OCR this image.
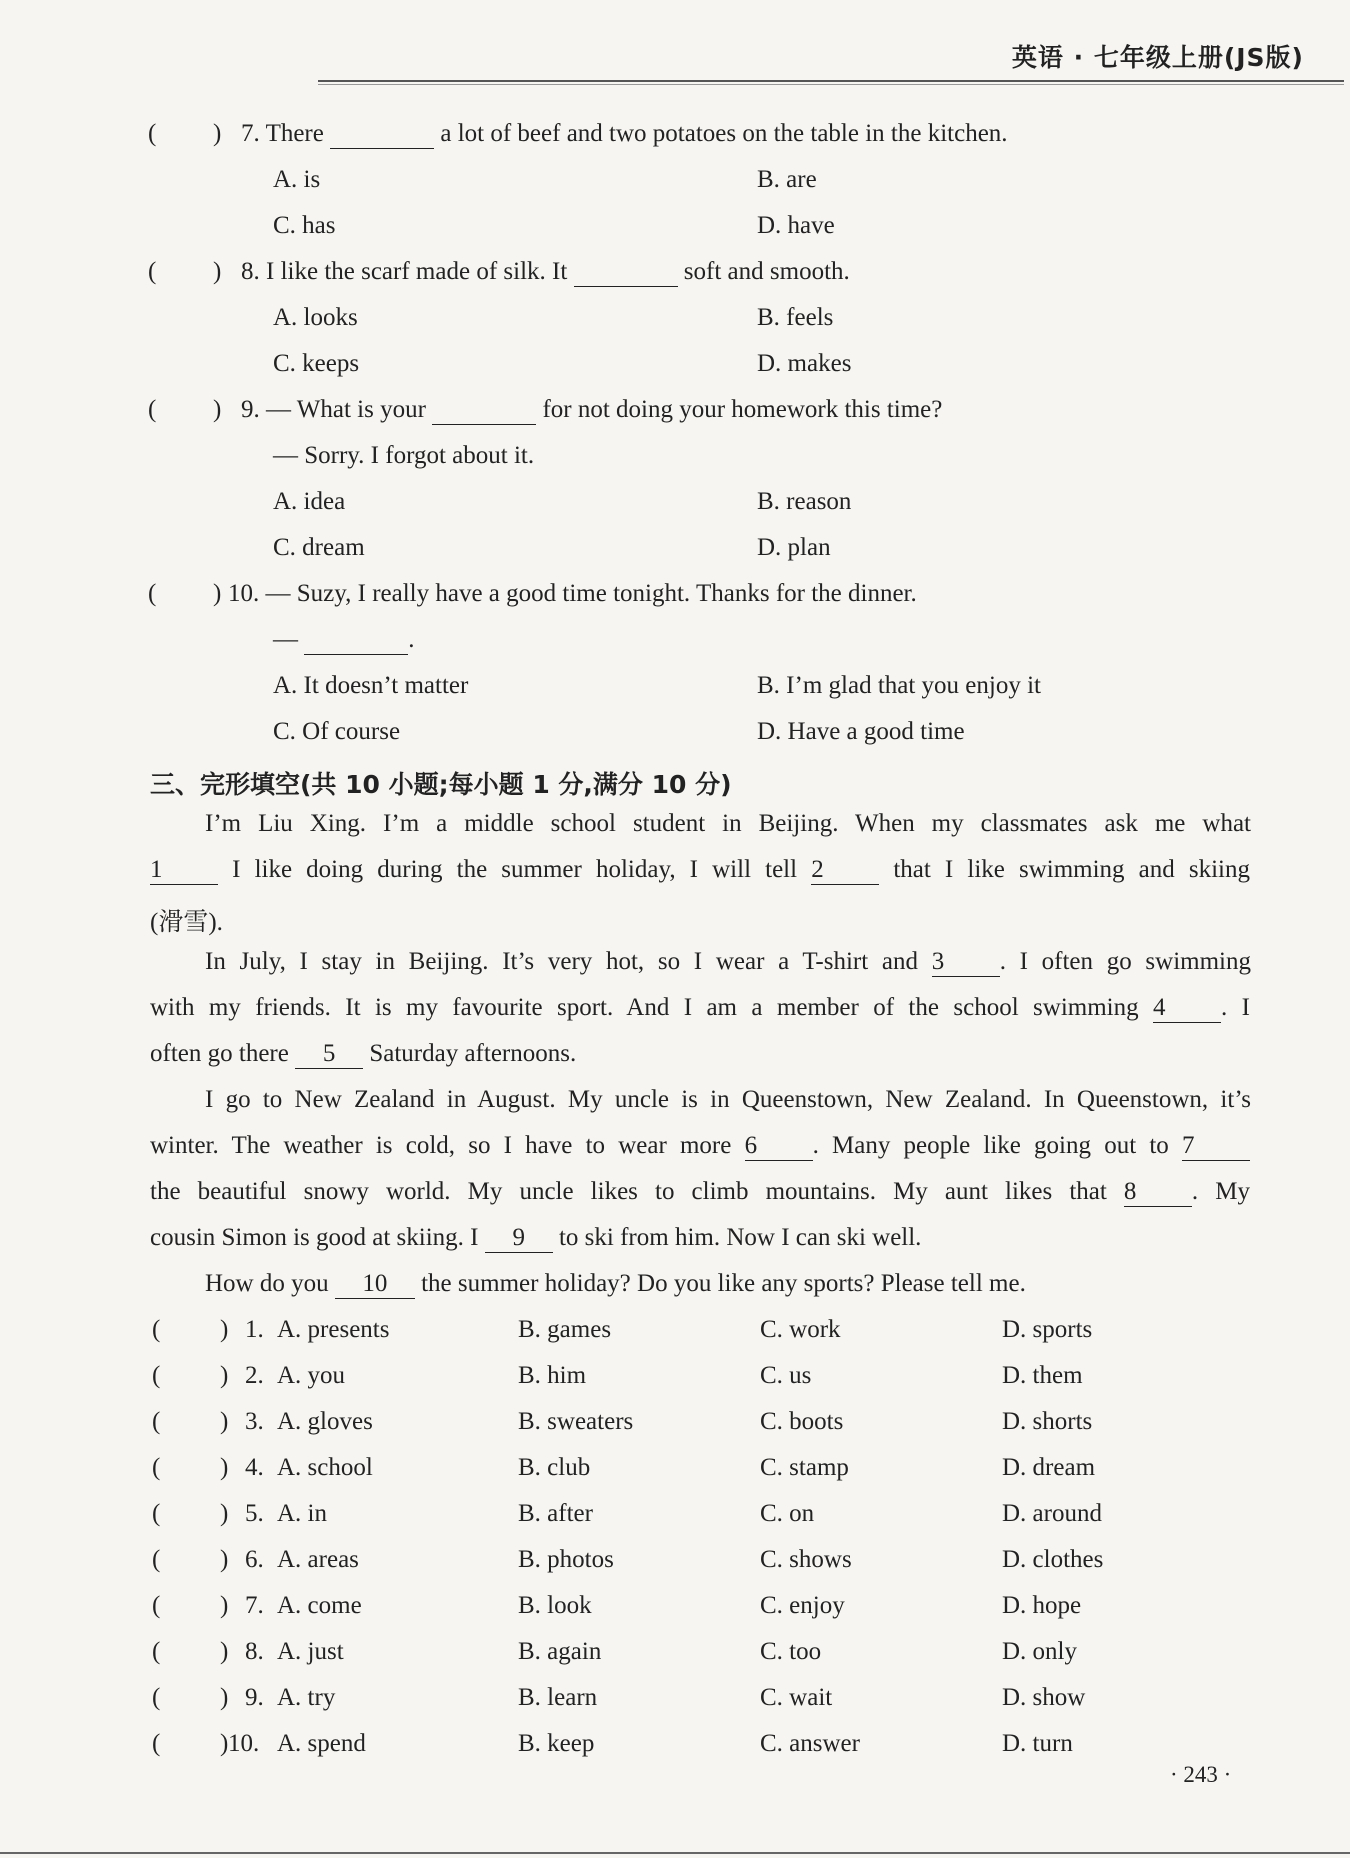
英语 · 七年级上册(JS版)
( ) 7. There	a lot of beef and two potatoes on the table in the kitchen.
A. is	B. are
C. has	D. have
( ) 8. I like the scarf made of silk. It	soft and smooth.
A. looks	B. feels
C. keeps	D. makes
( ) 9. — What is your	for not doing your homework this time?
— Sorry. I forgot about it.
A. idea	B. reason
C. dream	D. plan
( ) 10. — Suzy, I really have a good time tonight. Thanks for the dinner.
—	.
A. It doesn’t matter	B. I’m glad that you enjoy it
C. Of course	D. Have a good time
三、完形填空(共 10 小题;每小题 1 分,满分 10 分)
I’m Liu Xing. I’m a middle school student in Beijing. When my classmates ask me what
1	I like doing during the summer holiday, I will tell 2	that I like swimming and skiing
(滑雪).
In July, I stay in Beijing. It’s very hot, so I wear a T-shirt and 3 . I often go swimming
with my friends. It is my favourite sport. And I am a member of the school swimming 4 . I
often go there 5 Saturday afternoons.
I go to New Zealand in August. My uncle is in Queenstown, New Zealand. In Queenstown, it’s
winter. The weather is cold, so I have to wear more 6 . Many people like going out to 7
the beautiful snowy world. My uncle likes to climb mountains. My aunt likes that 8 . My
cousin Simon is good at skiing. I 9 to ski from him. Now I can ski well.
How do you 10 the summer holiday? Do you like any sports? Please tell me.
( ) 1. A. presents	B. games	C. work	D. sports
( ) 2. A. you	B. him	C. us	D. them
( ) 3. A. gloves	B. sweaters	C. boots	D. shorts
( ) 4. A. school	B. club	C. stamp	D. dream
( ) 5. A. in	B. after	C. on	D. around
( ) 6. A. areas	B. photos	C. shows	D. clothes
( ) 7. A. come	B. look	C. enjoy	D. hope
( ) 8. A. just	B. again	C. too	D. only
( ) 9. A. try	B. learn	C. wait	D. show
( ) 10. A. spend	B. keep	C. answer	D. turn
· 243 ·
